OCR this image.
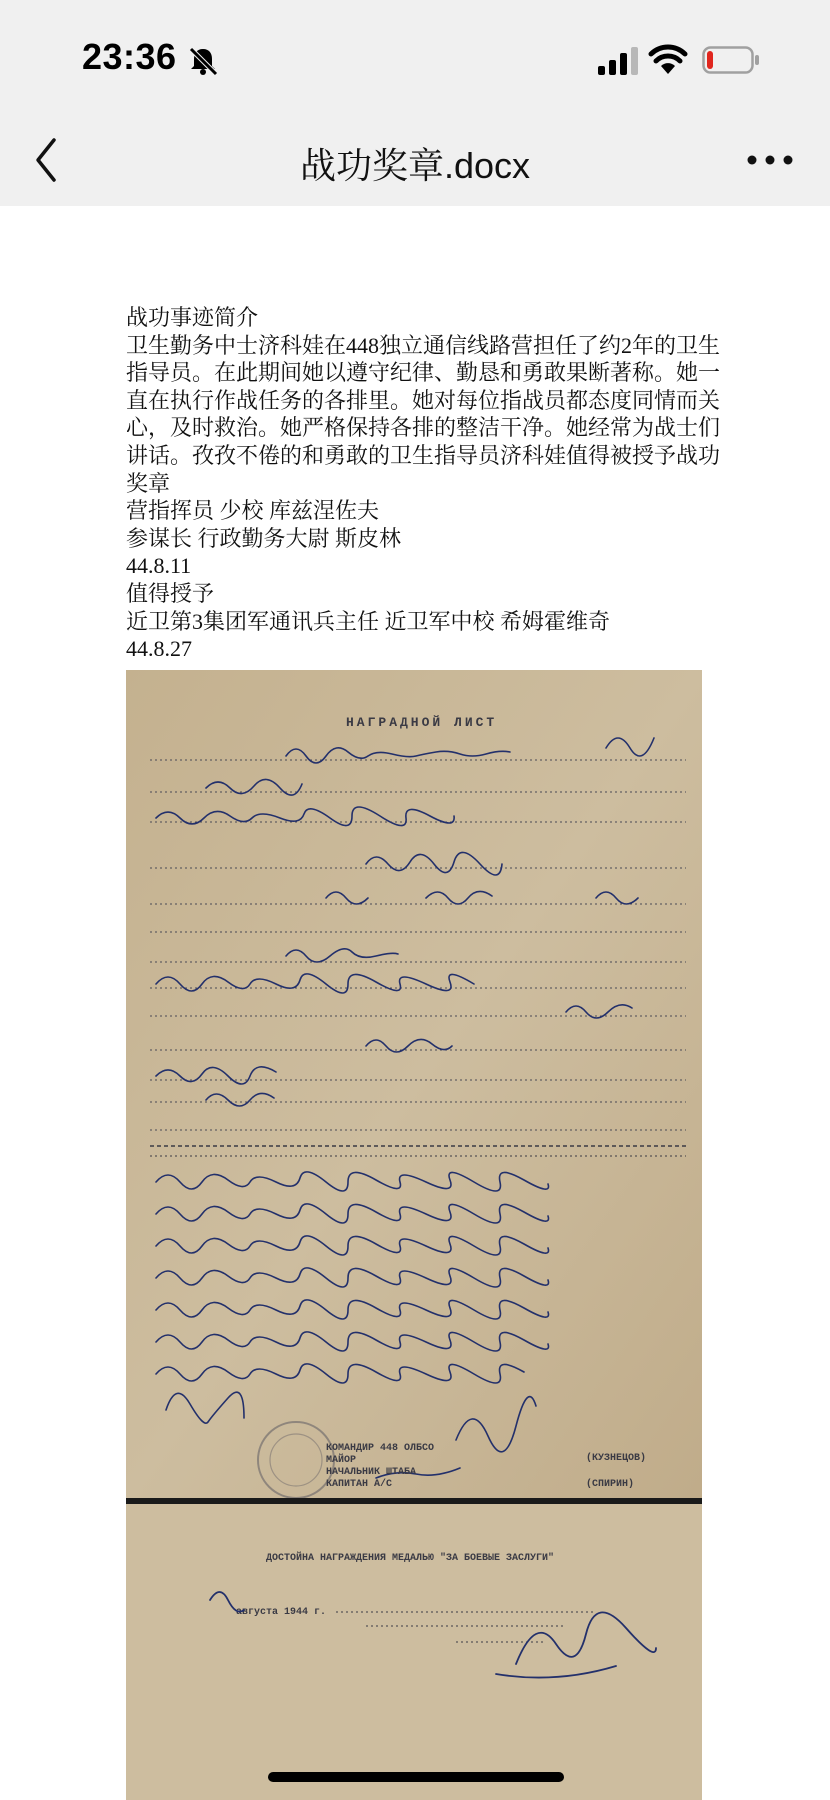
23:36
战功奖章.docx

战功事迹简介

卫生勤务中士济科娃在448独立通信线路营担任了约2年的卫生指导员。在此期间她以遵守纪律、勤恳和勇敢果断著称。她一直在执行作战任务的各排里。她对每位指战员都态度同情而关心，及时救治。她严格保持各排的整洁干净。她经常为战士们讲话。孜孜不倦的和勇敢的卫生指导员济科娃值得被授予战功奖章

营指挥员 少校 库兹涅佐夫

参谋长 行政勤务大尉 斯皮林

44.8.11

值得授予

近卫第3集团军通讯兵主任 近卫军中校 希姆霍维奇

44.8.27

НАГРАДНОЙ ЛИСТ
КОМАНДИР 448 ОЛБСО
МАЙОР
НАЧАЛЬНИК ШТАБА
КАПИТАН А/С
(КУЗНЕЦОВ)
(СПИРИН)
ДОСТОЙНА НАГРАЖДЕНИЯ МЕДАЛЬЮ "ЗА БОЕВЫЕ ЗАСЛУГИ"
августа 1944 г.
